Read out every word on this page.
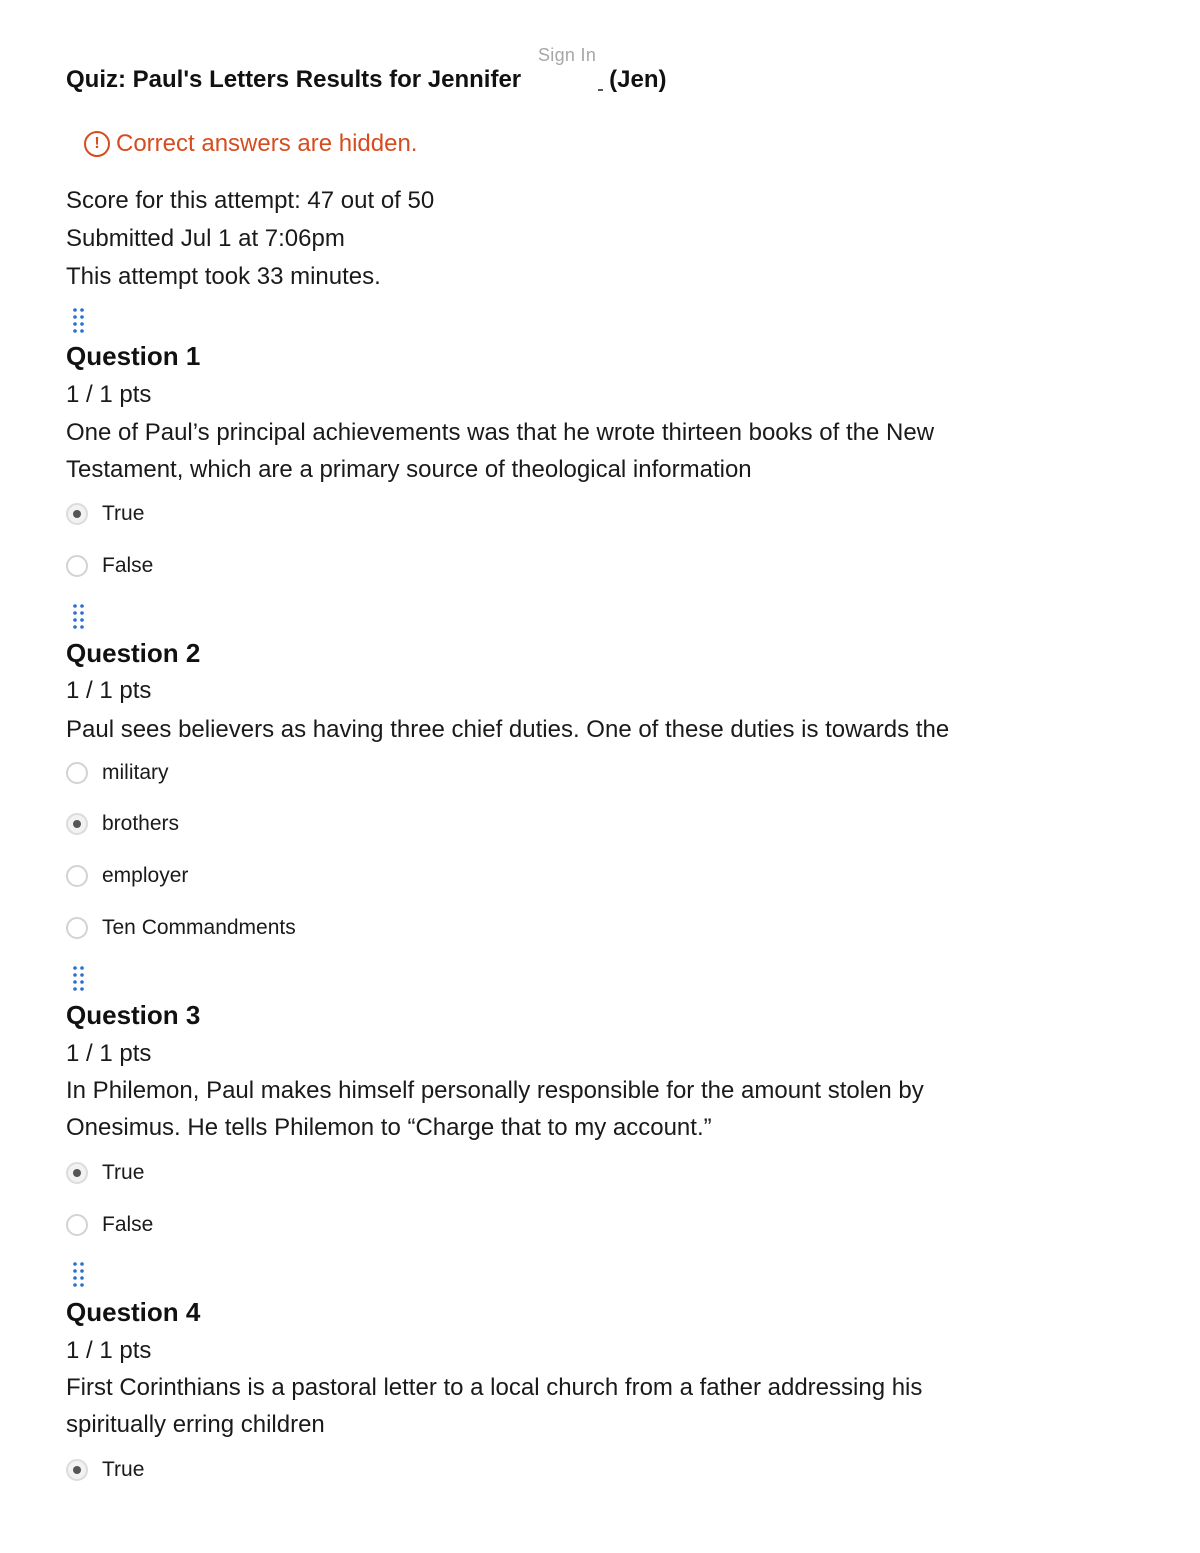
Sign In
Quiz: Paul's Letters Results for Jennifer	(Jen)
! Correct answers are hidden.
Score for this attempt: 47 out of 50
Submitted Jul 1 at 7:06pm
This attempt took 33 minutes.
Question 1
1 / 1 pts
One of Paul’s principal achievements was that he wrote thirteen books of the New Testament, which are a primary source of theological information
True
False
Question 2
1 / 1 pts
Paul sees believers as having three chief duties. One of these duties is towards the
military
brothers
employer
Ten Commandments
Question 3
1 / 1 pts
In Philemon, Paul makes himself personally responsible for the amount stolen by Onesimus. He tells Philemon to “Charge that to my account.”
True
False
Question 4
1 / 1 pts
First Corinthians is a pastoral letter to a local church from a father addressing his spiritually erring children
True
